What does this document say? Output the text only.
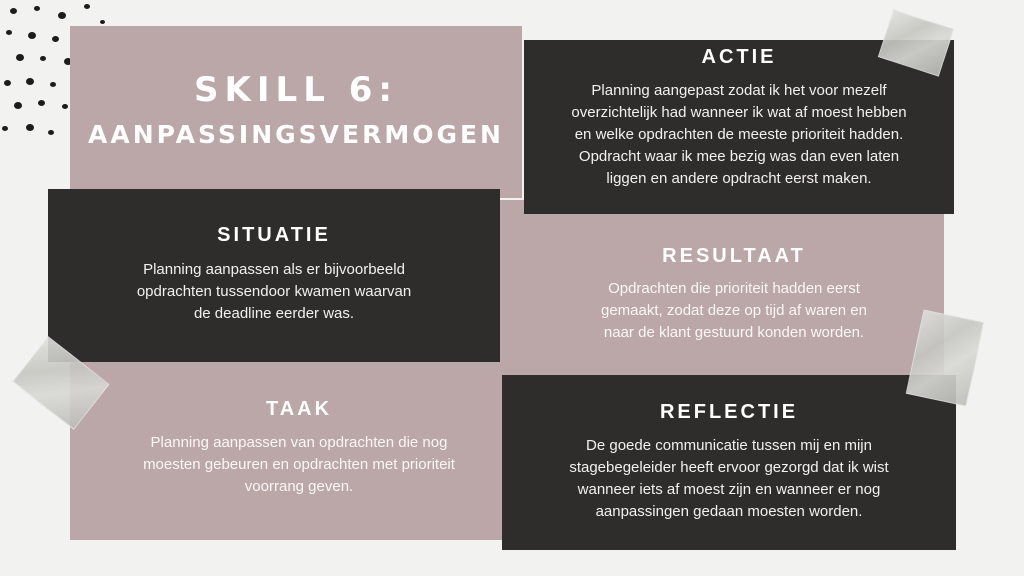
SKILL 6:
AANPASSINGSVERMOGEN
RESULTAAT
Opdrachten die prioriteit hadden eerst
gemaakt, zodat deze op tijd af waren en
naar de klant gestuurd konden worden.
TAAK
Planning aanpassen van opdrachten die nog
moesten gebeuren en opdrachten met prioriteit
voorrang geven.
ACTIE
Planning aangepast zodat ik het voor mezelf
overzichtelijk had wanneer ik wat af moest hebben
en welke opdrachten de meeste prioriteit hadden.
Opdracht waar ik mee bezig was dan even laten
liggen en andere opdracht eerst maken.
SITUATIE
Planning aanpassen als er bijvoorbeeld
opdrachten tussendoor kwamen waarvan
de deadline eerder was.
REFLECTIE
De goede communicatie tussen mij en mijn
stagebegeleider heeft ervoor gezorgd dat ik wist
wanneer iets af moest zijn en wanneer er nog
aanpassingen gedaan moesten worden.
